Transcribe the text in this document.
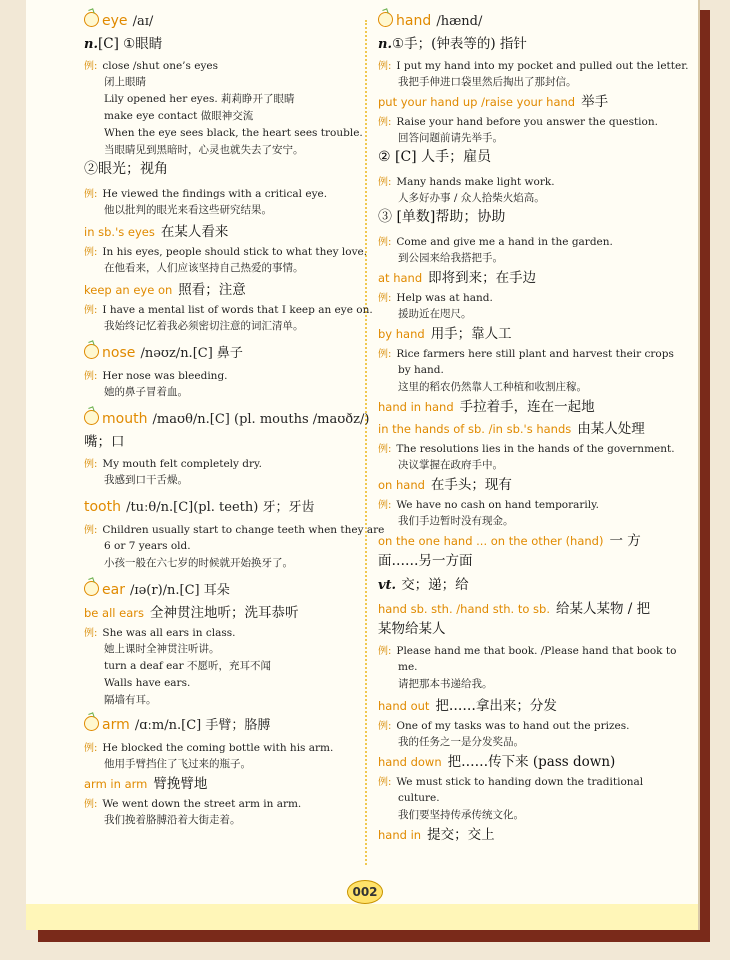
eye /aɪ/
n.[C] ①眼睛
例: close /shut one’s eyes
闭上眼睛
Lily opened her eyes. 莉莉睁开了眼睛
make eye contact 做眼神交流
When the eye sees black, the heart sees trouble.
当眼睛见到黑暗时，心灵也就失去了安宁。
②眼光；视角
例: He viewed the findings with a critical eye.
他以批判的眼光来看这些研究结果。
in sb.'s eyes 在某人看来
例: In his eyes, people should stick to what they love.
在他看来，人们应该坚持自己热爱的事情。
keep an eye on 照看；注意
例: I have a mental list of words that I keep an eye on.
我始终记忆着我必须密切注意的词汇清单。
nose /nəʊz/n.[C] 鼻子
例: Her nose was bleeding.
她的鼻子冒着血。
mouth /maʊθ/n.[C] (pl. mouths /maʊðz/)
嘴；口
例: My mouth felt completely dry.
我感到口干舌燥。
tooth /tuːθ/n.[C](pl. teeth) 牙；牙齿
例: Children usually start to change teeth when they are
6 or 7 years old.
小孩一般在六七岁的时候就开始换牙了。
ear /ɪə(r)/n.[C] 耳朵
be all ears 全神贯注地听；洗耳恭听
例: She was all ears in class.
她上课时全神贯注听讲。
turn a deaf ear 不愿听，充耳不闻
Walls have ears.
隔墙有耳。
arm /ɑːm/n.[C] 手臂；胳膊
例: He blocked the coming bottle with his arm.
他用手臂挡住了飞过来的瓶子。
arm in arm 臂挽臂地
例: We went down the street arm in arm.
我们挽着胳膊沿着大街走着。
hand /hænd/
n.①手；(钟表等的) 指针
例: I put my hand into my pocket and pulled out the letter.
我把手伸进口袋里然后掏出了那封信。
put your hand up /raise your hand 举手
例: Raise your hand before you answer the question.
回答问题前请先举手。
② [C] 人手；雇员
例: Many hands make light work.
人多好办事 / 众人拾柴火焰高。
③ [单数]帮助；协助
例: Come and give me a hand in the garden.
到公园来给我搭把手。
at hand 即将到来；在手边
例: Help was at hand.
援助近在咫尺。
by hand 用手；靠人工
例: Rice farmers here still plant and harvest their crops
by hand.
这里的稻农仍然靠人工种植和收割庄稼。
hand in hand 手拉着手，连在一起地
in the hands of sb. /in sb.'s hands 由某人处理
例: The resolutions lies in the hands of the government.
决议掌握在政府手中。
on hand 在手头；现有
例: We have no cash on hand temporarily.
我们手边暂时没有现金。
on the one hand ... on the other (hand) 一 方
面……另一方面
vt. 交；递；给
hand sb. sth. /hand sth. to sb. 给某人某物 / 把
某物给某人
例: Please hand me that book. /Please hand that book to
me.
请把那本书递给我。
hand out 把……拿出来；分发
例: One of my tasks was to hand out the prizes.
我的任务之一是分发奖品。
hand down 把……传下来 (pass down)
例: We must stick to handing down the traditional
culture.
我们要坚持传承传统文化。
hand in 提交；交上
002
